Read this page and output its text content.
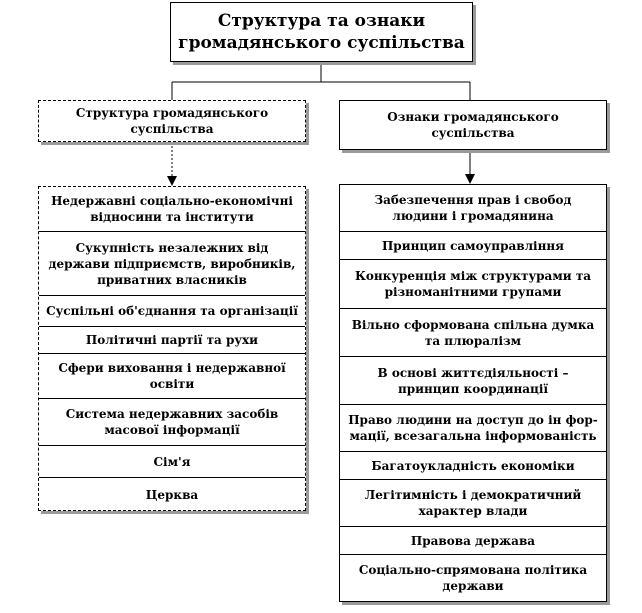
Структура та ознаки
громадянського суспільства
Структура громадянського суспільства
Ознаки громадянського суспільства
Недержавні соціально-економічні відносини та інститути
Сукупність незалежних від держави підприємств, виробників, приватних власників
Суспільні об'єднання та організації
Політичні партії та рухи
Сфери виховання і недержавної освіти
Система недержавних засобів масової інформації
Сім'я
Церква
Забезпечення прав і свобод людини і громадянина
Принцип самоуправління
Конкуренція між структурами та різноманітними групами
Вільно сформована спільна думка та плюралізм
В основі життєдіяльності – принцип координації
Право людини на доступ до ін фор-мації, всезагальна інформованість
Багатоукладність економіки
Легітимність і демократичний характер влади
Правова держава
Соціально-спрямована політика держави
